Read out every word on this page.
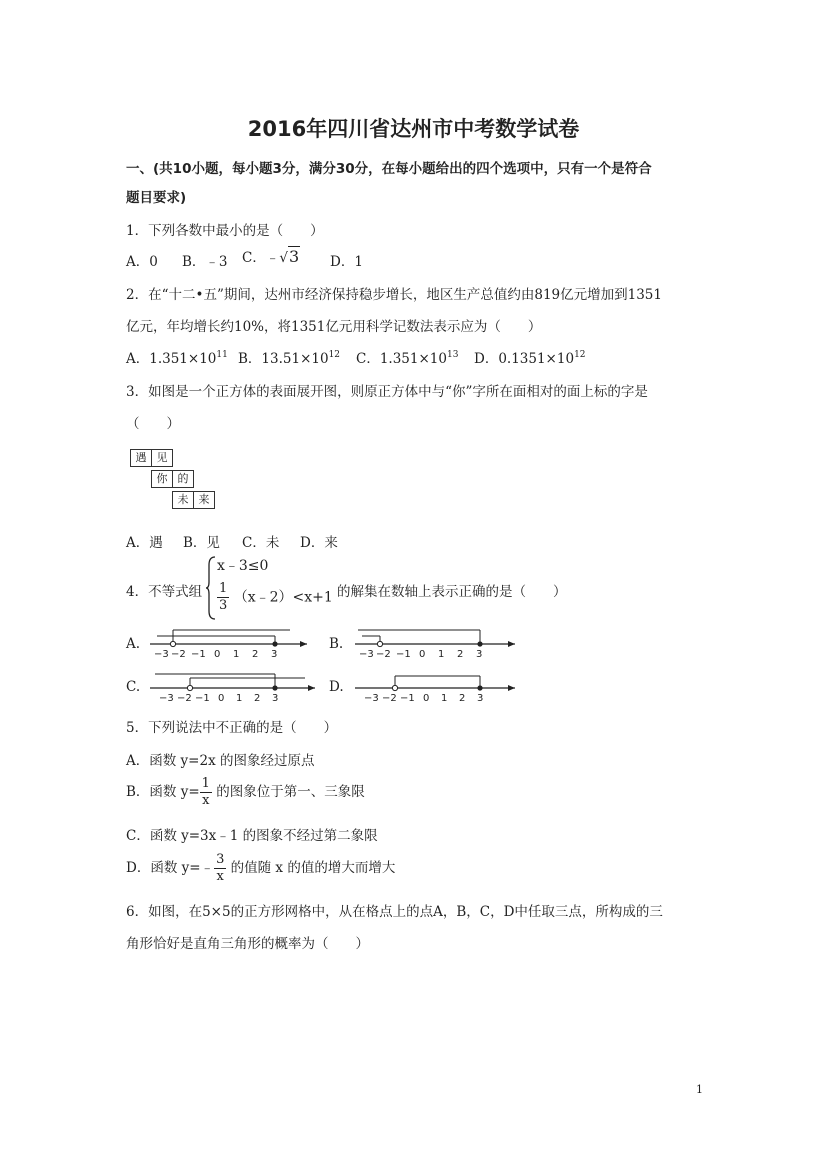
2016年四川省达州市中考数学试卷
一、(共10小题，每小题3分，满分30分，在每小题给出的四个选项中，只有一个是符合
题目要求)
1．下列各数中最小的是（　　）
A．0 B．﹣3 C．﹣√3 D．1
2．在“十二•五”期间，达州市经济保持稳步增长，地区生产总值约由819亿元增加到1351
亿元，年均增长约10%，将1351亿元用科学记数法表示应为（　　）
A．$1.351\times 10^{11}$ B．$13.51\times 10^{12}$ C．$1.351\times 10^{13}$ D．$0.1351\times 10^{12}$
3．如图是一个正方体的表面展开图，则原正方体中与“你”字所在面相对的面上标的字是
（　　）
遇 见
你 的
未 来
A．遇 B．见 C．未 D．来
4．不等式组
x﹣3≤0
$\frac{1}{3}$ （x﹣2）<x+1 的解集在数轴上表示正确的是（　　）
A.	B.
C.	D.
−3 −2 −1 0 1 2 3	−3 −2 −1 0 1 2 3
−3 −2 −1 0 1 2 3	−3 −2 −1 0 1 2 3
5．下列说法中不正确的是（　　）
A．函数 y=2x 的图象经过原点
B．函数 $y= \frac{1}{x}$ 的图象位于第一、三象限
C．函数 y=3x﹣1 的图象不经过第二象限
D．函数 y=﹣ $\frac{3}{x}$ 的值随 x 的值的增大而增大
6．如图，在5×5的正方形网格中，从在格点上的点A，B，C，D中任取三点，所构成的三
角形恰好是直角三角形的概率为（　　）
1
